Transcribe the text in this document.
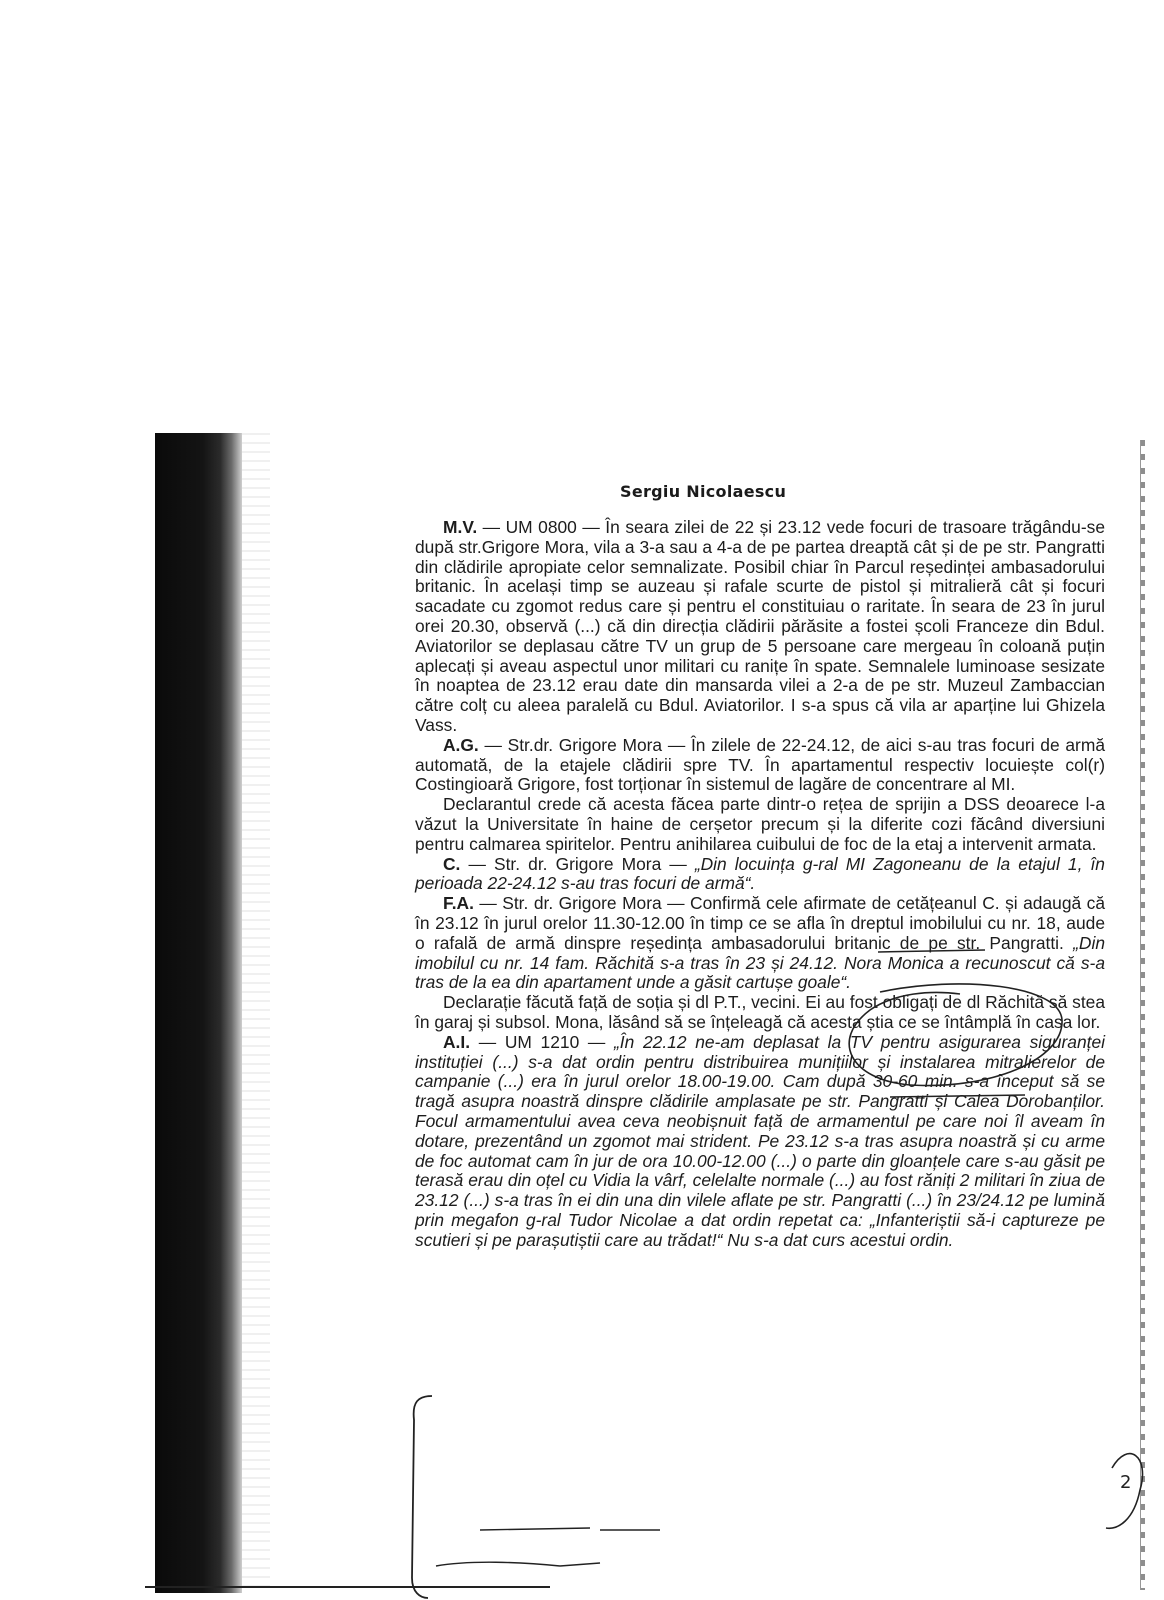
Sergiu Nicolaescu

M.V. — UM 0800 — În seara zilei de 22 și 23.12 vede focuri de trasoare trăgându-se după str.Grigore Mora, vila a 3-a sau a 4-a de pe partea dreaptă cât și de pe str. Pangratti din clădirile apropiate celor semnalizate. Posibil chiar în Parcul reședinței ambasadorului britanic. În același timp se auzeau și rafale scurte de pistol și mitralieră cât și focuri sacadate cu zgomot redus care și pentru el constituiau o raritate. În seara de 23 în jurul orei 20.30, observă (...) că din direcția clădirii părăsite a fostei școli Franceze din Bdul. Aviatorilor se deplasau către TV un grup de 5 persoane care mergeau în coloană puțin aplecați și aveau aspectul unor militari cu ranițe în spate. Semnalele luminoase sesizate în noaptea de 23.12 erau date din mansarda vilei a 2-a de pe str. Muzeul Zambaccian către colț cu aleea paralelă cu Bdul. Aviatorilor. I s-a spus că vila ar aparține lui Ghizela Vass.

A.G. — Str.dr. Grigore Mora — În zilele de 22-24.12, de aici s-au tras focuri de armă automată, de la etajele clădirii spre TV. În apartamentul respectiv locuiește col(r) Costingioară Grigore, fost torționar în sistemul de lagăre de concentrare al MI.

Declarantul crede că acesta făcea parte dintr-o rețea de sprijin a DSS deoarece l-a văzut la Universitate în haine de cerșetor precum și la diferite cozi făcând diversiuni pentru calmarea spiritelor. Pentru anihilarea cuibului de foc de la etaj a intervenit armata.

C. — Str. dr. Grigore Mora — „Din locuința g-ral MI Zagoneanu de la etajul 1, în perioada 22-24.12 s-au tras focuri de armă“.

F.A. — Str. dr. Grigore Mora — Confirmă cele afirmate de cetățeanul C. și adaugă că în 23.12 în jurul orelor 11.30-12.00 în timp ce se afla în dreptul imobilului cu nr. 18, aude o rafală de armă dinspre reședința ambasadorului britanic de pe str. Pangratti. „Din imobilul cu nr. 14 fam. Răchită s-a tras în 23 și 24.12. Nora Monica a recunoscut că s-a tras de la ea din apartament unde a găsit cartușe goale“.

Declarație făcută față de soția și dl P.T., vecini. Ei au fost obligați de dl Răchită să stea în garaj și subsol. Mona, lăsând să se înțeleagă că acesta știa ce se întâmplă în casa lor.

A.I. — UM 1210 — „În 22.12 ne-am deplasat la TV pentru asigurarea siguranței instituției (...) s-a dat ordin pentru distribuirea munițiilor și instalarea mitralierelor de campanie (...) era în jurul orelor 18.00-19.00. Cam după 30-60 min. s-a început să se tragă asupra noastră dinspre clădirile amplasate pe str. Pangratti și Calea Dorobanților. Focul armamentului avea ceva neobișnuit față de armamentul pe care noi îl aveam în dotare, prezentând un zgomot mai strident. Pe 23.12 s-a tras asupra noastră și cu arme de foc automat cam în jur de ora 10.00-12.00 (...) o parte din gloanțele care s-au găsit pe terasă erau din oțel cu Vidia la vârf, celelalte normale (...) au fost răniți 2 militari în ziua de 23.12 (...) s-a tras în ei din una din vilele aflate pe str. Pangratti (...) în 23/24.12 pe lumină prin megafon g-ral Tudor Nicolae a dat ordin repetat ca: „Infanteriștii să-i captureze pe scutieri și pe parașutiștii care au trădat!“ Nu s-a dat curs acestui ordin.

2
